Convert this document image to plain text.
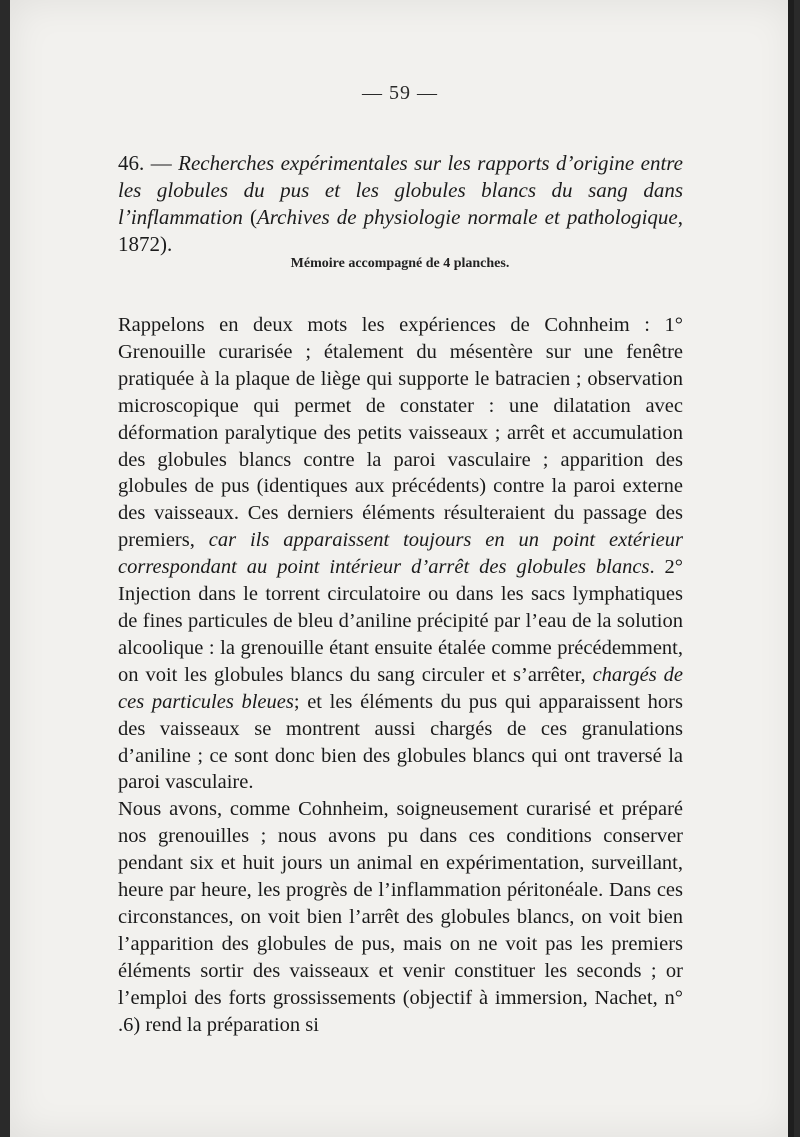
— 59 —
46. — Recherches expérimentales sur les rapports d’origine entre les globules du pus et les globules blancs du sang dans l’inflammation (Archives de physiologie normale et pathologique, 1872).
Mémoire accompagné de 4 planches.

Rappelons en deux mots les expériences de Cohnheim : 1° Grenouille curarisée ; étalement du mésentère sur une fenêtre pratiquée à la plaque de liège qui supporte le batracien ; observation microscopique qui permet de constater : une dilatation avec déformation paralytique des petits vaisseaux ; arrêt et accumulation des globules blancs contre la paroi vasculaire ; apparition des globules de pus (identiques aux précédents) contre la paroi externe des vaisseaux. Ces derniers éléments résulteraient du passage des premiers, car ils apparaissent toujours en un point extérieur correspondant au point intérieur d’arrêt des globules blancs. 2° Injection dans le torrent circulatoire ou dans les sacs lymphatiques de fines particules de bleu d’aniline précipité par l’eau de la solution alcoolique : la grenouille étant ensuite étalée comme précédemment, on voit les globules blancs du sang circuler et s’arrêter, chargés de ces particules bleues; et les éléments du pus qui apparaissent hors des vaisseaux se montrent aussi chargés de ces granulations d’aniline ; ce sont donc bien des globules blancs qui ont traversé la paroi vasculaire.

Nous avons, comme Cohnheim, soigneusement curarisé et préparé nos grenouilles ; nous avons pu dans ces conditions conserver pendant six et huit jours un animal en expérimentation, surveillant, heure par heure, les progrès de l’inflammation péritonéale. Dans ces circonstances, on voit bien l’arrêt des globules blancs, on voit bien l’apparition des globules de pus, mais on ne voit pas les premiers éléments sortir des vaisseaux et venir constituer les seconds ; or l’emploi des forts grossissements (objectif à immersion, Nachet, n° .6) rend la préparation si
